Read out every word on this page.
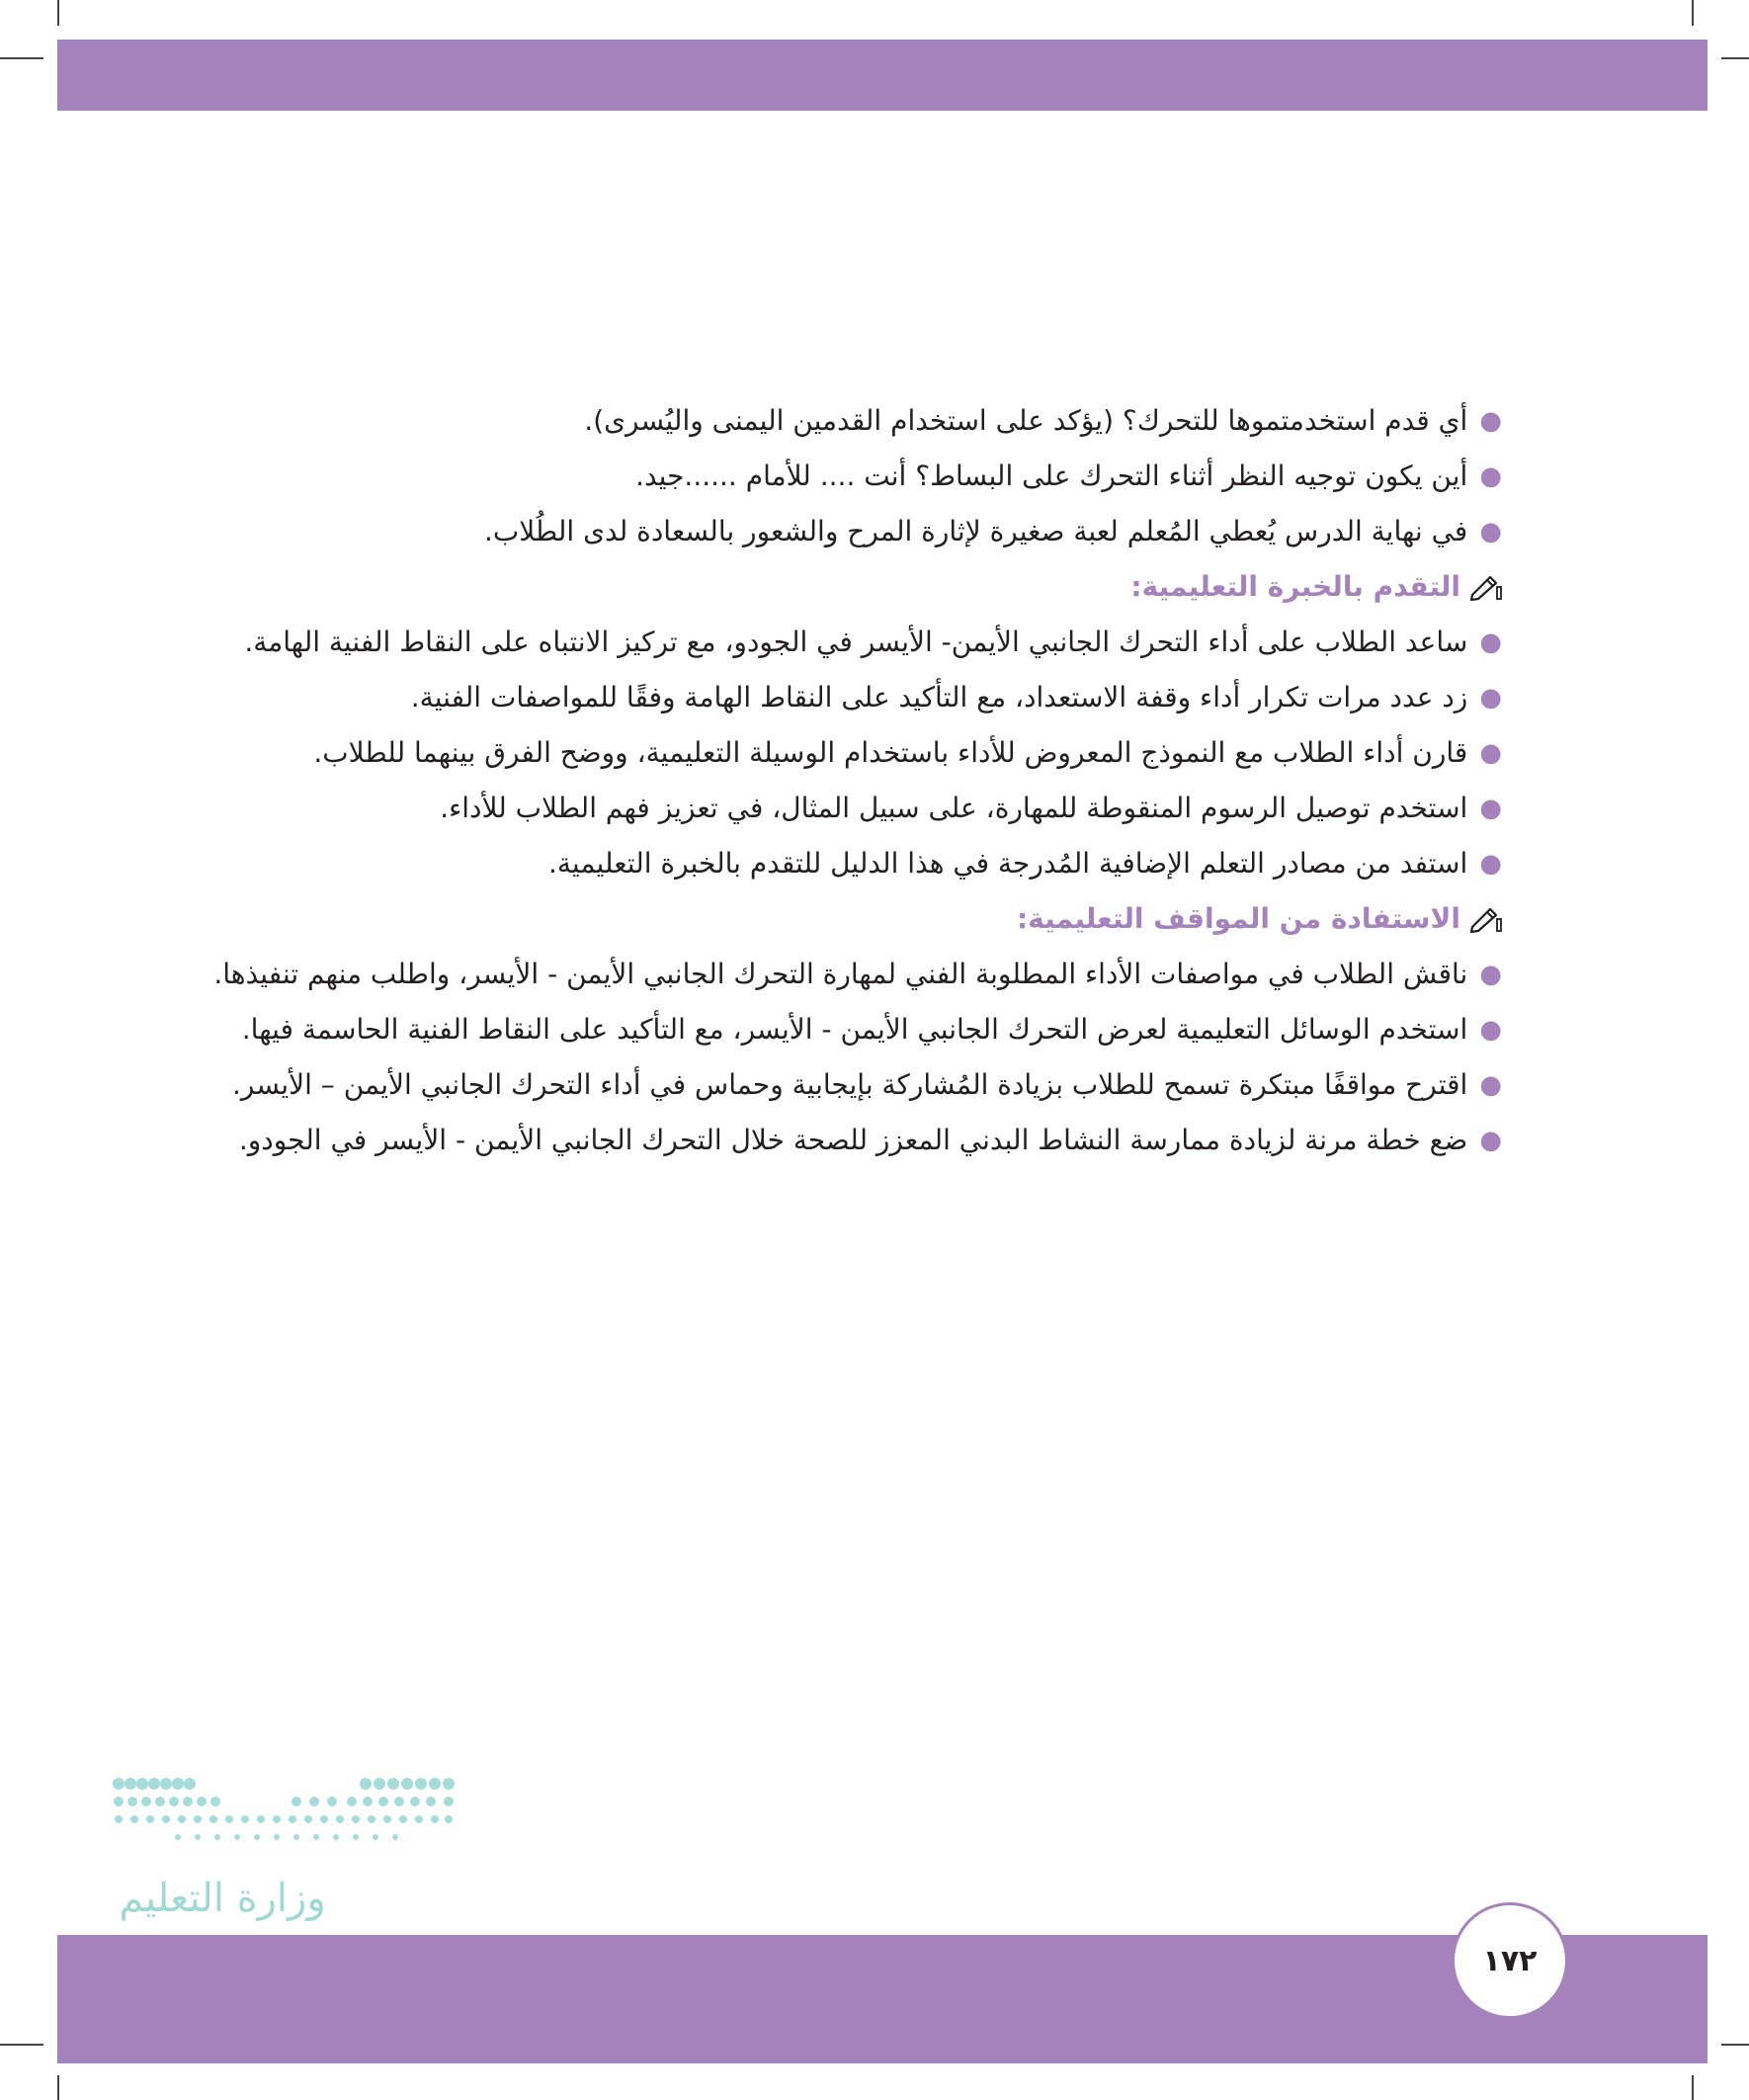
●
أي قدم استخدمتموها للتحرك؟ (يؤكد على استخدام القدمين اليمنى واليُسرى).
●
أين يكون توجيه النظر أثناء التحرك على البساط؟ أنت .... للأمام ......جيد.
●
في نهاية الدرس يُعطي المُعلم لعبة صغيرة لإثارة المرح والشعور بالسعادة لدى الطُلاب.
التقدم بالخبرة التعليمية:
●
ساعد الطلاب على أداء التحرك الجانبي الأيمن- الأيسر في الجودو، مع تركيز الانتباه على النقاط الفنية الهامة.
●
زد عدد مرات تكرار أداء وقفة الاستعداد، مع التأكيد على النقاط الهامة وفقًا للمواصفات الفنية.
●
قارن أداء الطلاب مع النموذج المعروض للأداء باستخدام الوسيلة التعليمية، ووضح الفرق بينهما للطلاب.
●
استخدم توصيل الرسوم المنقوطة للمهارة، على سبيل المثال، في تعزيز فهم الطلاب للأداء.
●
استفد من مصادر التعلم الإضافية المُدرجة في هذا الدليل للتقدم بالخبرة التعليمية.
الاستفادة من المواقف التعليمية:
●
ناقش الطلاب في مواصفات الأداء المطلوبة الفني لمهارة التحرك الجانبي الأيمن - الأيسر، واطلب منهم تنفيذها.
●
استخدم الوسائل التعليمية لعرض التحرك الجانبي الأيمن - الأيسر، مع التأكيد على النقاط الفنية الحاسمة فيها.
●
اقترح مواقفًا مبتكرة تسمح للطلاب بزيادة المُشاركة بإيجابية وحماس في أداء التحرك الجانبي الأيمن – الأيسر.
●
ضع خطة مرنة لزيادة ممارسة النشاط البدني المعزز للصحة خلال التحرك الجانبي الأيمن - الأيسر في الجودو.
وزارة التعليم
١٧٢
